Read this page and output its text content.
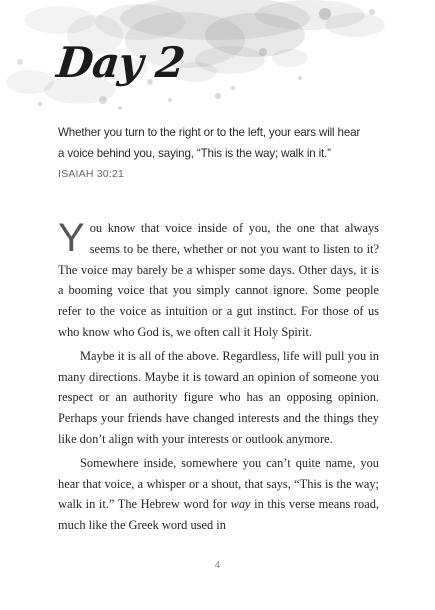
Day 2

Whether you turn to the right or to the left, your ears will hear
a voice behind you, saying, “This is the way; walk in it.”

ISAIAH 30:21

You know that voice inside of you, the one that always seems to be there, whether or not you want to listen to it? The voice may barely be a whisper some days. Other days, it is a booming voice that you simply cannot ignore. Some people refer to the voice as intuition or a gut instinct. For those of us who know who God is, we often call it Holy Spirit.

Maybe it is all of the above. Regardless, life will pull you in many directions. Maybe it is toward an opinion of someone you respect or an authority figure who has an opposing opinion. Perhaps your friends have changed interests and the things they like don’t align with your interests or outlook anymore.

Somewhere inside, somewhere you can’t quite name, you hear that voice, a whisper or a shout, that says, “This is the way; walk in it.” The Hebrew word for way in this verse means road, much like the Greek word used in

4
